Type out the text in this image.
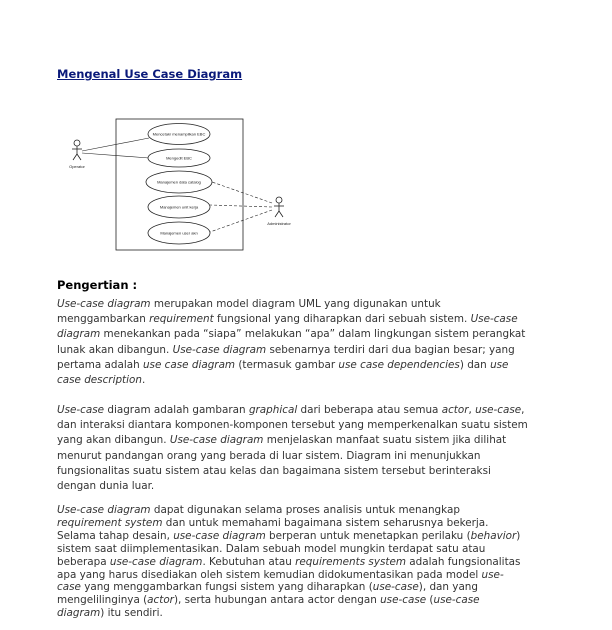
Mengenal Use Case Diagram
Operator
Administrator
Mencetak/ menampilkan EBC
Mengedit EBC
Manajemen data catalog
Manajemen unit kerja
Manajemen user akn
Pengertian :

Use-case diagram merupakan model diagram UML yang digunakan untuk
menggambarkan requirement fungsional yang diharapkan dari sebuah sistem. Use-case
diagram menekankan pada “siapa” melakukan “apa” dalam lingkungan sistem perangkat
lunak akan dibangun. Use-case diagram sebenarnya terdiri dari dua bagian besar; yang
pertama adalah use case diagram (termasuk gambar use case dependencies) dan use
case description.

Use-case diagram adalah gambaran graphical dari beberapa atau semua actor, use-case,
dan interaksi diantara komponen-komponen tersebut yang memperkenalkan suatu sistem
yang akan dibangun. Use-case diagram menjelaskan manfaat suatu sistem jika dilihat
menurut pandangan orang yang berada di luar sistem. Diagram ini menunjukkan
fungsionalitas suatu sistem atau kelas dan bagaimana sistem tersebut berinteraksi
dengan dunia luar.

Use-case diagram dapat digunakan selama proses analisis untuk menangkap
requirement system dan untuk memahami bagaimana sistem seharusnya bekerja.
Selama tahap desain, use-case diagram berperan untuk menetapkan perilaku (behavior)
sistem saat diimplementasikan. Dalam sebuah model mungkin terdapat satu atau
beberapa use-case diagram. Kebutuhan atau requirements system adalah fungsionalitas
apa yang harus disediakan oleh sistem kemudian didokumentasikan pada model use-
case yang menggambarkan fungsi sistem yang diharapkan (use-case), dan yang
mengelilinginya (actor), serta hubungan antara actor dengan use-case (use-case
diagram) itu sendiri.
